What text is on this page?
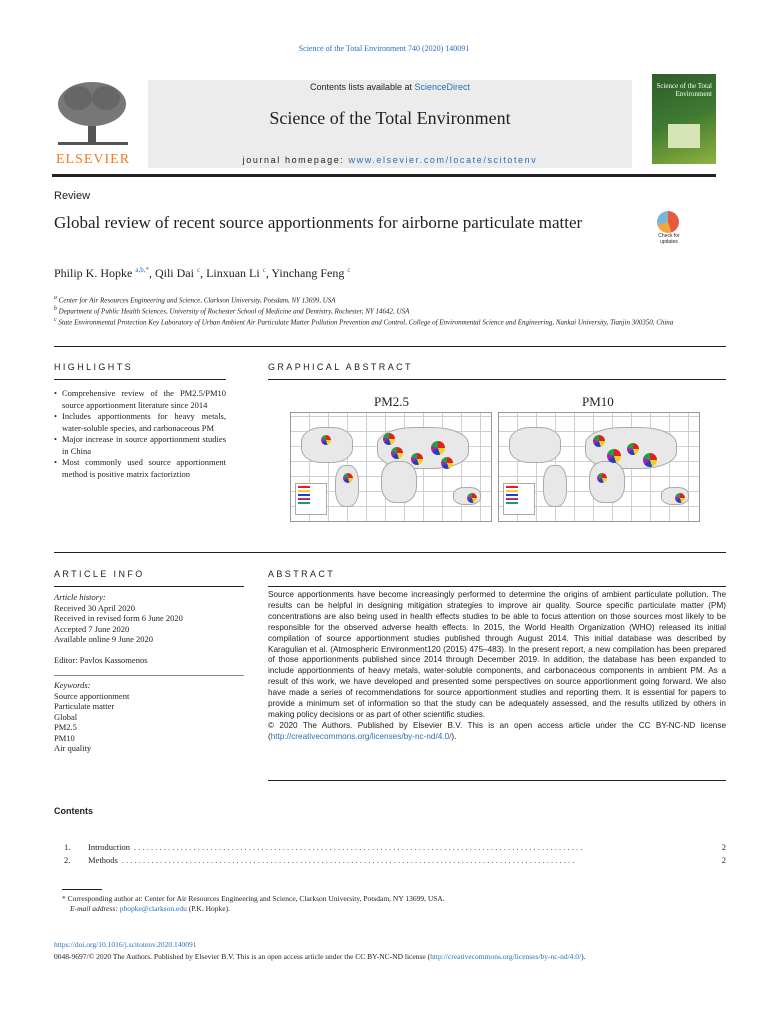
Science of the Total Environment 740 (2020) 140091
ELSEVIER
Contents lists available at ScienceDirect
Science of the Total Environment
journal homepage: www.elsevier.com/locate/scitotenv
Science of the Total Environment
Review
Global review of recent source apportionments for airborne particulate matter
Check for updates
Philip K. Hopke $^{a,b,*}$, Qili Dai $^c$, Linxuan Li $^c$, Yinchang Feng $^c$
$^a$ Center for Air Resources Engineering and Science, Clarkson University, Potsdam, NY 13699, USA
$^b$ Department of Public Health Sciences, University of Rochester School of Medicine and Dentistry, Rochester, NY 14642, USA
$^c$ State Environmental Protection Key Laboratory of Urban Ambient Air Particulate Matter Pollution Prevention and Control, College of Environmental Science and Engineering, Nankai University, Tianjin 300350, China
HIGHLIGHTS
• Comprehensive review of the PM2.5/PM10 source apportionment literature since 2014
• Includes apportionments for heavy metals, water-soluble species, and carbonaceous PM
• Major increase in source apportionment studies in China
• Most commonly used source apportionment method is positive matrix factoriztion
GRAPHICAL ABSTRACT
PM2.5	PM10
ARTICLE INFO
Article history:
Received 30 April 2020
Received in revised form 6 June 2020
Accepted 7 June 2020
Available online 9 June 2020
Editor: Pavlos Kassomenos
Keywords:
Source apportionment
Particulate matter
Global
PM2.5
PM10
Air quality
ABSTRACT
Source apportionments have become increasingly performed to determine the origins of ambient particulate pollution. The results can be helpful in designing mitigation strategies to improve air quality. Source specific particulate matter (PM) concentrations are also being used in health effects studies to be able to focus attention on those sources most likely to be responsible for the observed adverse health effects. In 2015, the World Health Organization (WHO) released its initial compilation of source apportionment studies published through August 2014. This initial database was described by Karagulian et al. (Atmospheric Environment120 (2015) 475–483). In the present report, a new compilation has been prepared of those apportionments published since 2014 through December 2019. In addition, the database has been expanded to include apportionments of heavy metals, water-soluble components, and carbonaceous components in ambient PM. As a result of this work, we have developed and presented some perspectives on source apportionment going forward. We also have made a series of recommendations for source apportionment studies and reporting them. It is essential for papers to provide a minimum set of information so that the study can be adequately assessed, and the results utilized by others in making policy decisions or as part of other scientific studies.
© 2020 The Authors. Published by Elsevier B.V. This is an open access article under the CC BY-NC-ND license (http://creativecommons.org/licenses/by-nc-nd/4.0/).
Contents
1.	Introduction . . . . . . . . . . . . . . . . . . . . . . . . . . . . . . . . . . . . . . . . . . . . . . . . . . . . . . . . . . . . . . . . . . . . . . . . . . . . . . . . . . . . . . . . . . . . . . . . . . . . . . . . . .	2
2.	Methods . . . . . . . . . . . . . . . . . . . . . . . . . . . . . . . . . . . . . . . . . . . . . . . . . . . . . . . . . . . . . . . . . . . . . . . . . . . . . . . . . . . . . . . . . . . . . . . . . . . . . . . . . . .	2
* Corresponding author at: Center for Air Resources Engineering and Science, Clarkson University, Potsdam, NY 13699, USA.
E-mail address: phopke@clarkson.edu (P.K. Hopke).
https://doi.org/10.1016/j.scitotenv.2020.140091
0048-9697/© 2020 The Authors. Published by Elsevier B.V. This is an open access article under the CC BY-NC-ND license (http://creativecommons.org/licenses/by-nc-nd/4.0/).
